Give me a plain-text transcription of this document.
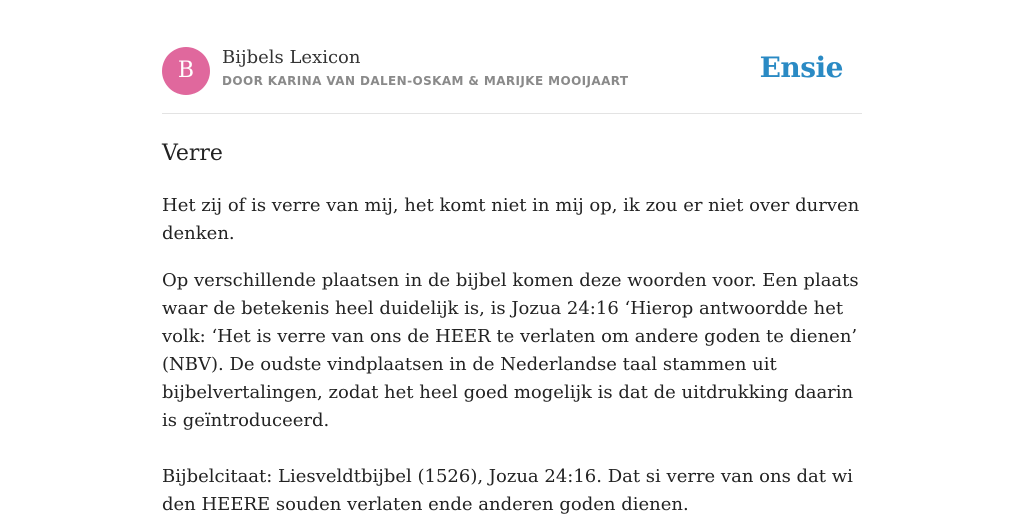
B
Bijbels Lexicon
DOOR KARINA VAN DALEN-OSKAM & MARIJKE MOOIJAART	Ensie
Verre

Het zij of is verre van mij, het komt niet in mij op, ik zou er niet over durven denken.

Op verschillende plaatsen in de bijbel komen deze woorden voor. Een plaats waar de betekenis heel duidelijk is, is Jozua 24:16 ‘Hierop antwoordde het volk: ‘Het is verre van ons de HEER te verlaten om andere goden te dienen’ (NBV). De oudste vindplaatsen in de Nederlandse taal stammen uit bijbelvertalingen, zodat het heel goed mogelijk is dat de uitdrukking daarin is geïntroduceerd.

Bijbelcitaat: Liesveldtbijbel (1526), Jozua 24:16. Dat si verre van ons dat wi den HEERE souden verlaten ende anderen goden dienen.
